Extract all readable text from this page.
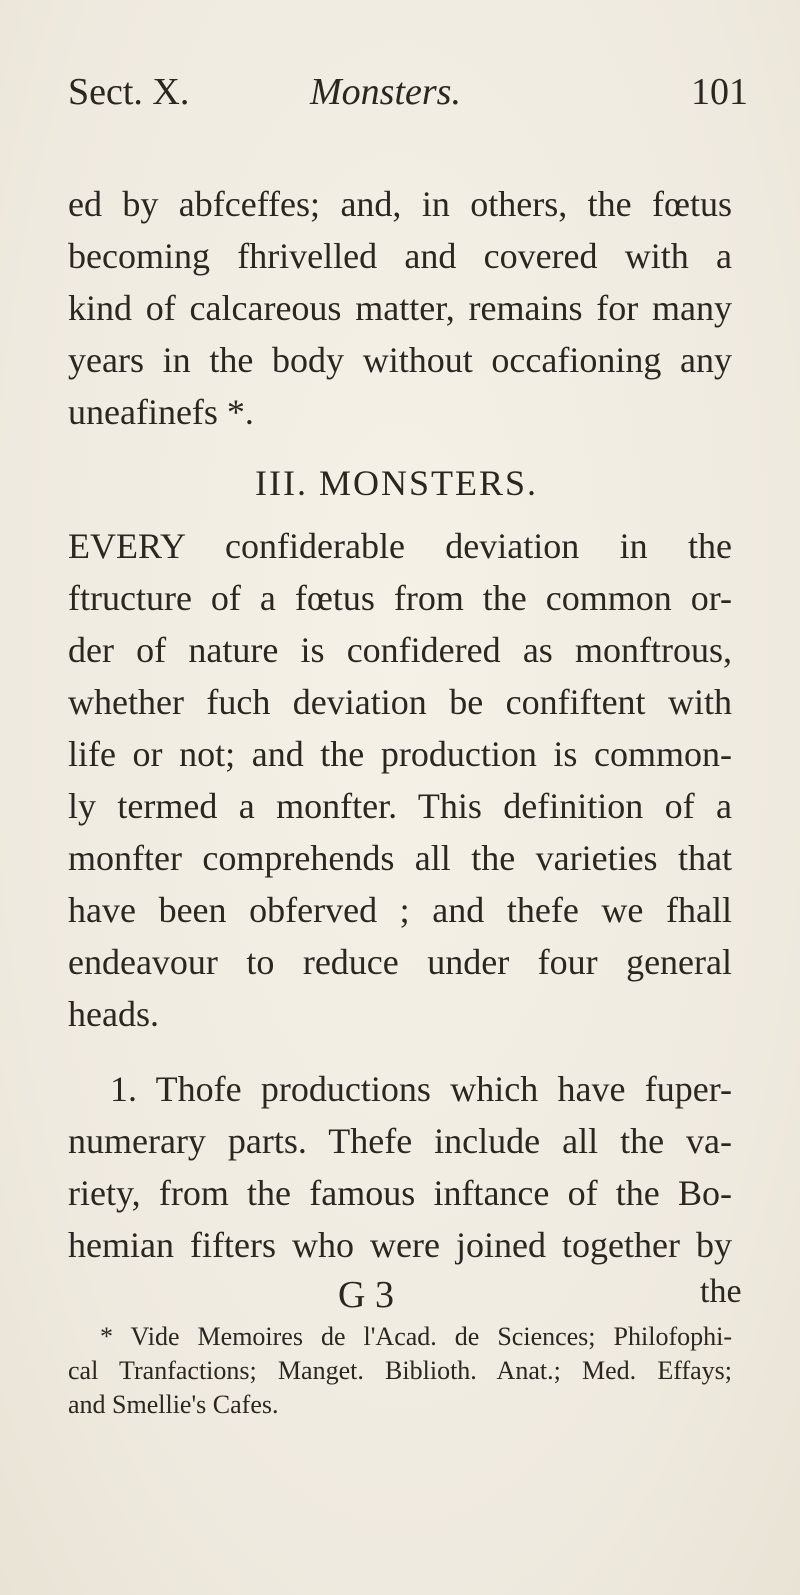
Sect. X.	Monsters.	101
ed by abfceffes; and, in others, the fœtus
becoming fhrivelled and covered with a
kind of calcareous matter, remains for many
years in the body without occafioning any
uneafinefs *.
III. MONSTERS.
EVERY confiderable deviation in the
ftructure of a fœtus from the common or-
der of nature is confidered as monftrous,
whether fuch deviation be confiftent with
life or not; and the production is common-
ly termed a monfter. This definition of a
monfter comprehends all the varieties that
have been obferved ; and thefe we fhall
endeavour to reduce under four general
heads.
1. Thofe productions which have fuper-
numerary parts. Thefe include all the va-
riety, from the famous inftance of the Bo-
hemian fifters who were joined together by
G 3	the
* Vide Memoires de l'Acad. de Sciences; Philofophi-
cal Tranfactions; Manget. Biblioth. Anat.; Med. Effays;
and Smellie's Cafes.
